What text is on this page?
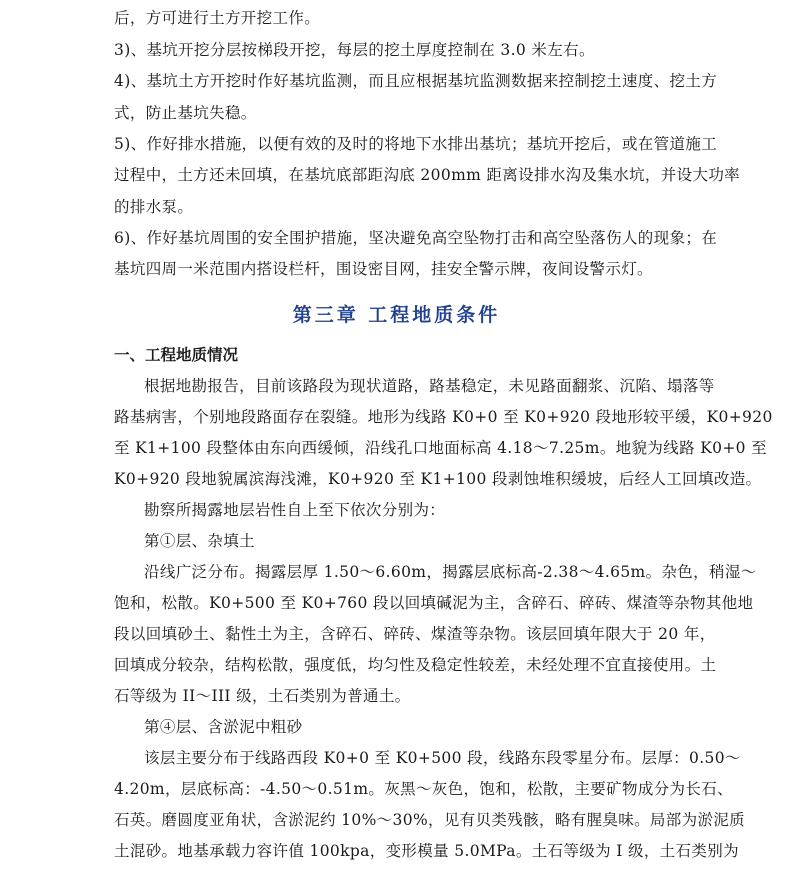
后，方可进行土方开挖工作。
3)、基坑开挖分层按梯段开挖，每层的挖土厚度控制在 3.0 米左右。
4)、基坑土方开挖时作好基坑监测，而且应根据基坑监测数据来控制挖土速度、挖土方
式，防止基坑失稳。
5)、作好排水措施，以便有效的及时的将地下水排出基坑；基坑开挖后，或在管道施工
过程中，土方还未回填，在基坑底部距沟底 200mm 距离设排水沟及集水坑，并设大功率
的排水泵。
6)、作好基坑周围的安全围护措施，坚决避免高空坠物打击和高空坠落伤人的现象；在
基坑四周一米范围内搭设栏杆，围设密目网，挂安全警示牌，夜间设警示灯。
第三章 工程地质条件
一、工程地质情况
根据地勘报告，目前该路段为现状道路，路基稳定，未见路面翻浆、沉陷、塌落等
路基病害，个别地段路面存在裂缝。地形为线路 K0+0 至 K0+920 段地形较平缓，K0+920
至 K1+100 段整体由东向西缓倾，沿线孔口地面标高 4.18～7.25m。地貌为线路 K0+0 至
K0+920 段地貌属滨海浅滩，K0+920 至 K1+100 段剥蚀堆积缓坡，后经人工回填改造。
勘察所揭露地层岩性自上至下依次分别为：
第①层、杂填土
沿线广泛分布。揭露层厚 1.50～6.60m，揭露层底标高-2.38～4.65m。杂色，稍湿～
饱和，松散。K0+500 至 K0+760 段以回填碱泥为主，含碎石、碎砖、煤渣等杂物其他地
段以回填砂土、黏性土为主，含碎石、碎砖、煤渣等杂物。该层回填年限大于 20 年，
回填成分较杂，结构松散，强度低，均匀性及稳定性较差，未经处理不宜直接使用。土
石等级为 II～III 级，土石类别为普通土。
第④层、含淤泥中粗砂
该层主要分布于线路西段 K0+0 至 K0+500 段，线路东段零星分布。层厚：0.50～
4.20m，层底标高：-4.50～0.51m。灰黑～灰色，饱和，松散，主要矿物成分为长石、
石英。磨圆度亚角状，含淤泥约 10%～30%，见有贝类残骸，略有腥臭味。局部为淤泥质
土混砂。地基承载力容许值 100kpa，变形模量 5.0MPa。土石等级为 I 级，土石类别为
